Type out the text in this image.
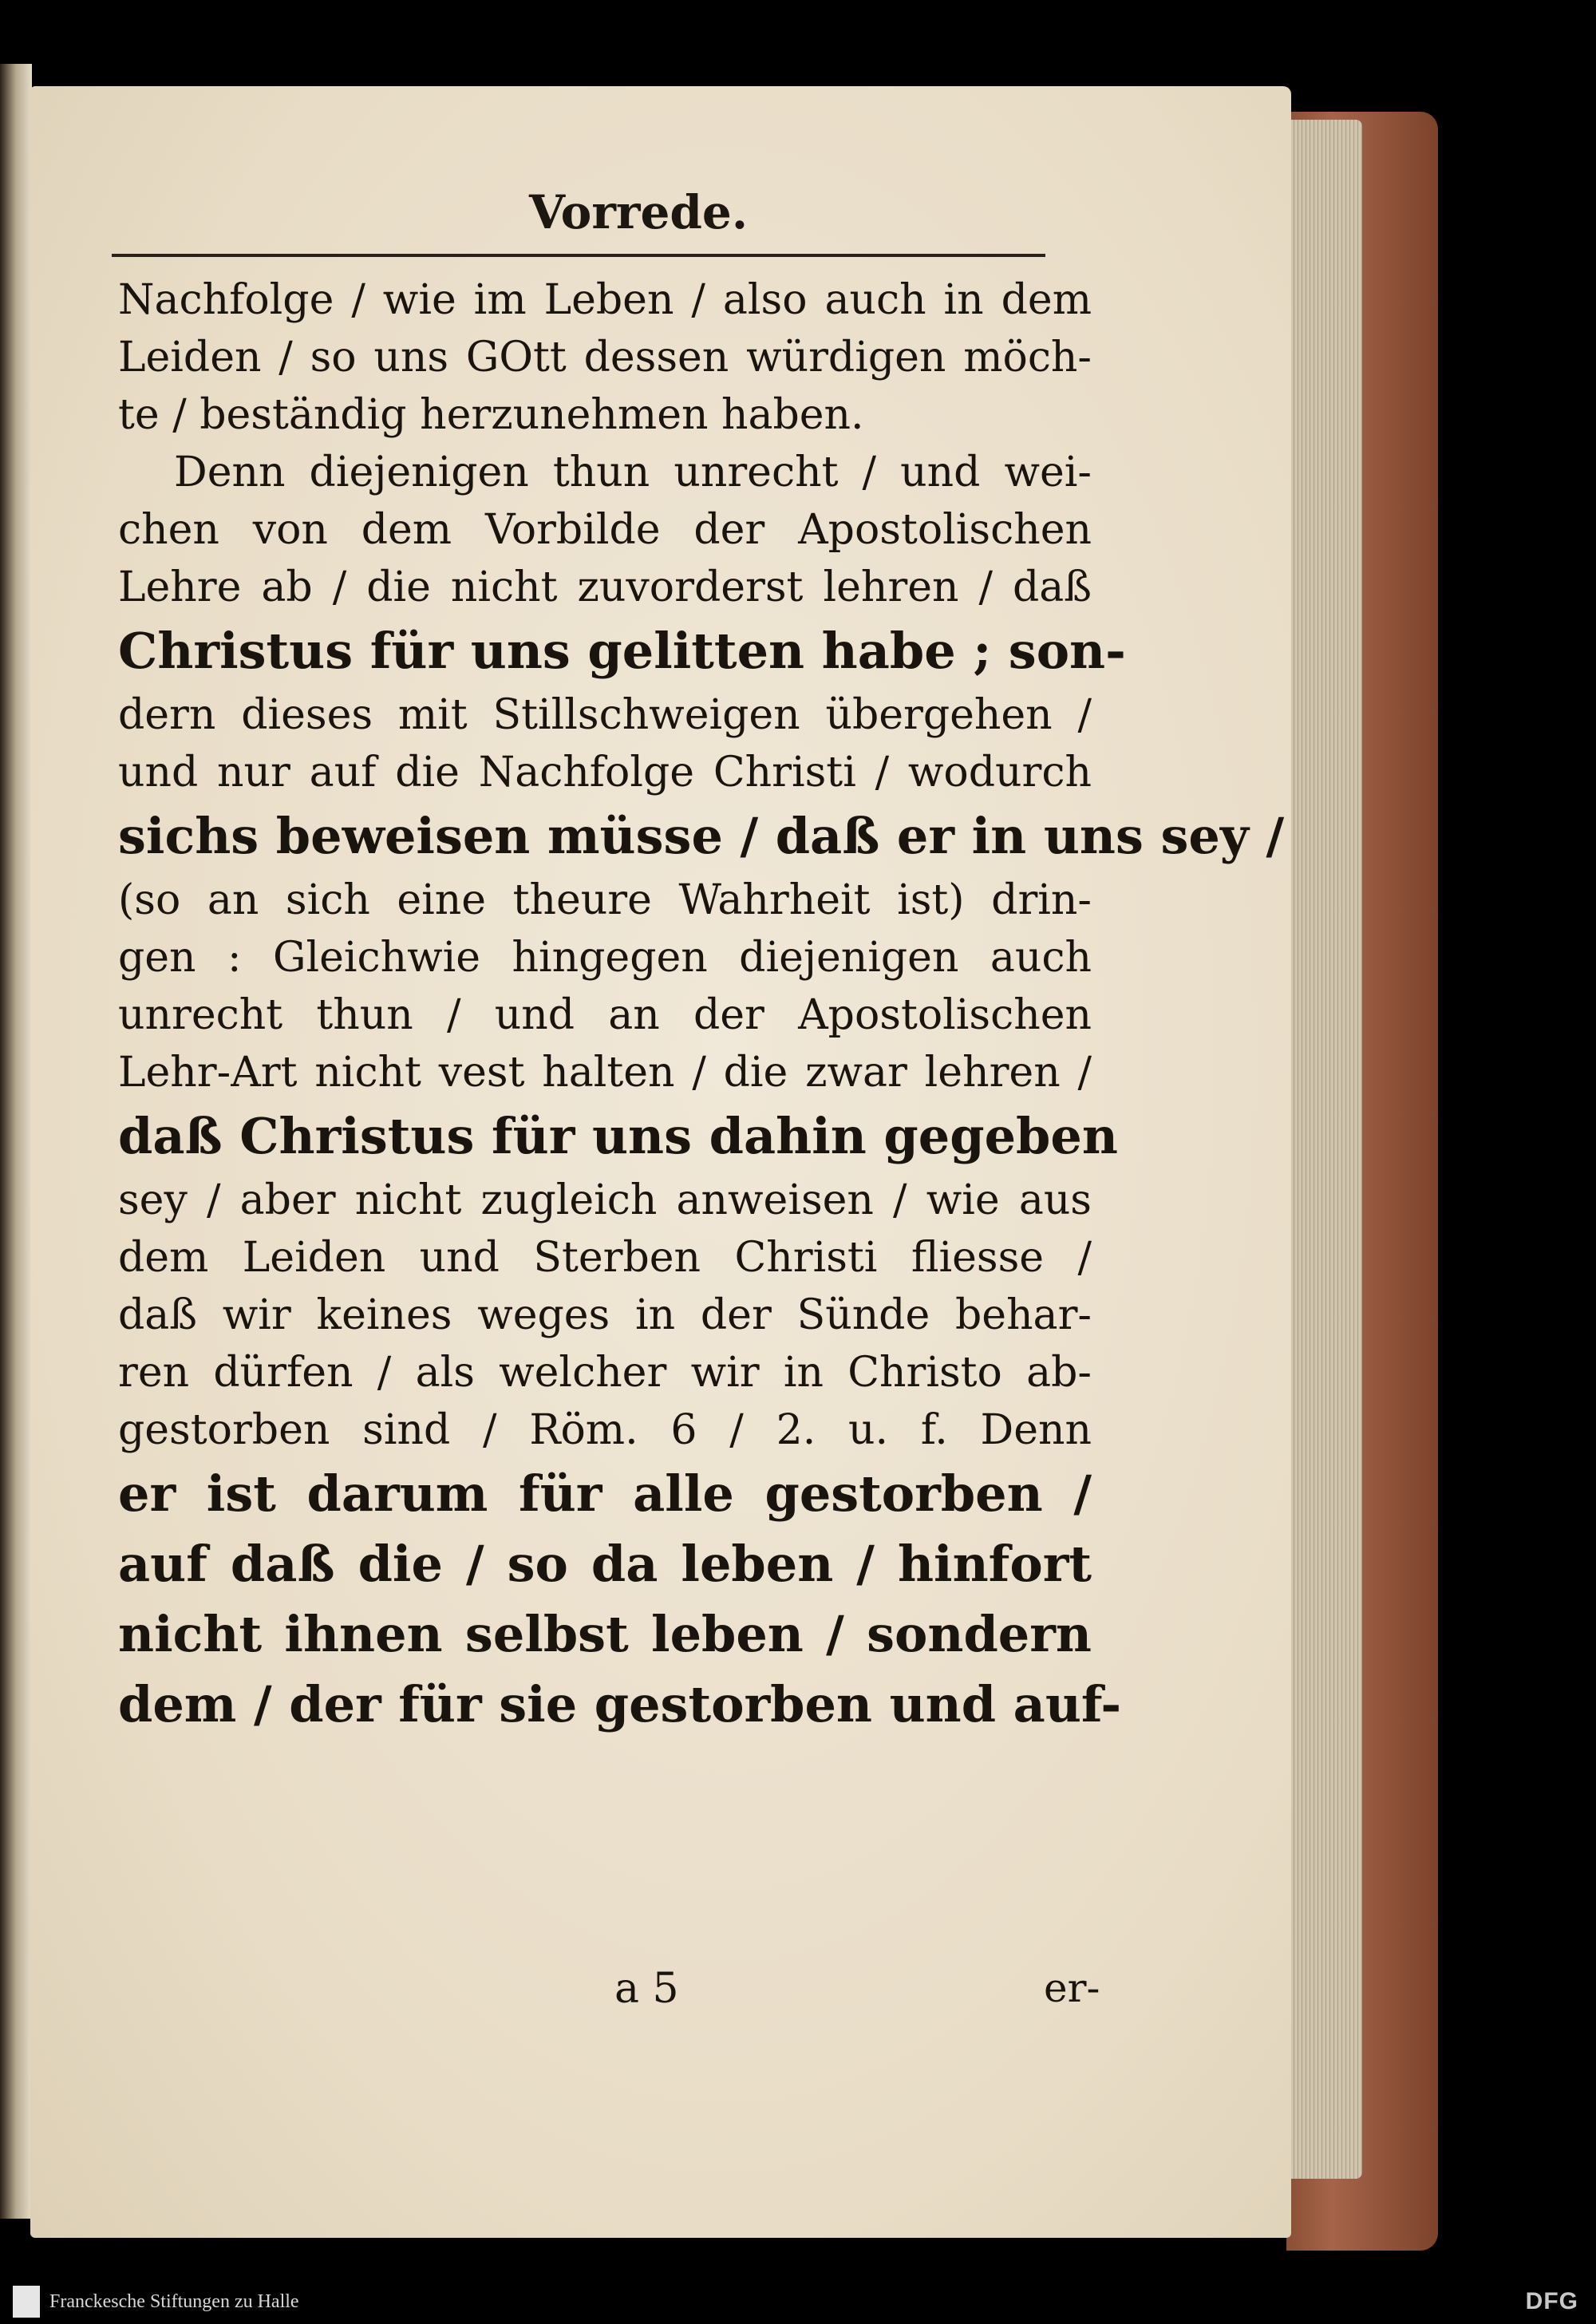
Vorrede.
Nachfolge / wie im Leben / also auch in dem
Leiden / so uns GOtt dessen würdigen möch-
te / beständig herzunehmen haben.
Denn diejenigen thun unrecht / und wei-
chen von dem Vorbilde der Apostolischen
Lehre ab / die nicht zuvorderst lehren / daß
Christus für uns gelitten habe ; son-
dern dieses mit Stillschweigen übergehen /
und nur auf die Nachfolge Christi / wodurch
sichs beweisen müsse / daß er in uns sey /
(so an sich eine theure Wahrheit ist) drin-
gen : Gleichwie hingegen diejenigen auch
unrecht thun / und an der Apostolischen
Lehr-Art nicht vest halten / die zwar lehren /
daß Christus für uns dahin gegeben
sey / aber nicht zugleich anweisen / wie aus
dem Leiden und Sterben Christi fliesse /
daß wir keines weges in der Sünde behar-
ren dürfen / als welcher wir in Christo ab-
gestorben sind / Röm. 6 / 2. u. f. Denn
er ist darum für alle gestorben /
auf daß die / so da leben / hinfort
nicht ihnen selbst leben / sondern
dem / der für sie gestorben und auf-
a 5	er-
Franckesche Stiftungen zu Halle	DFG
